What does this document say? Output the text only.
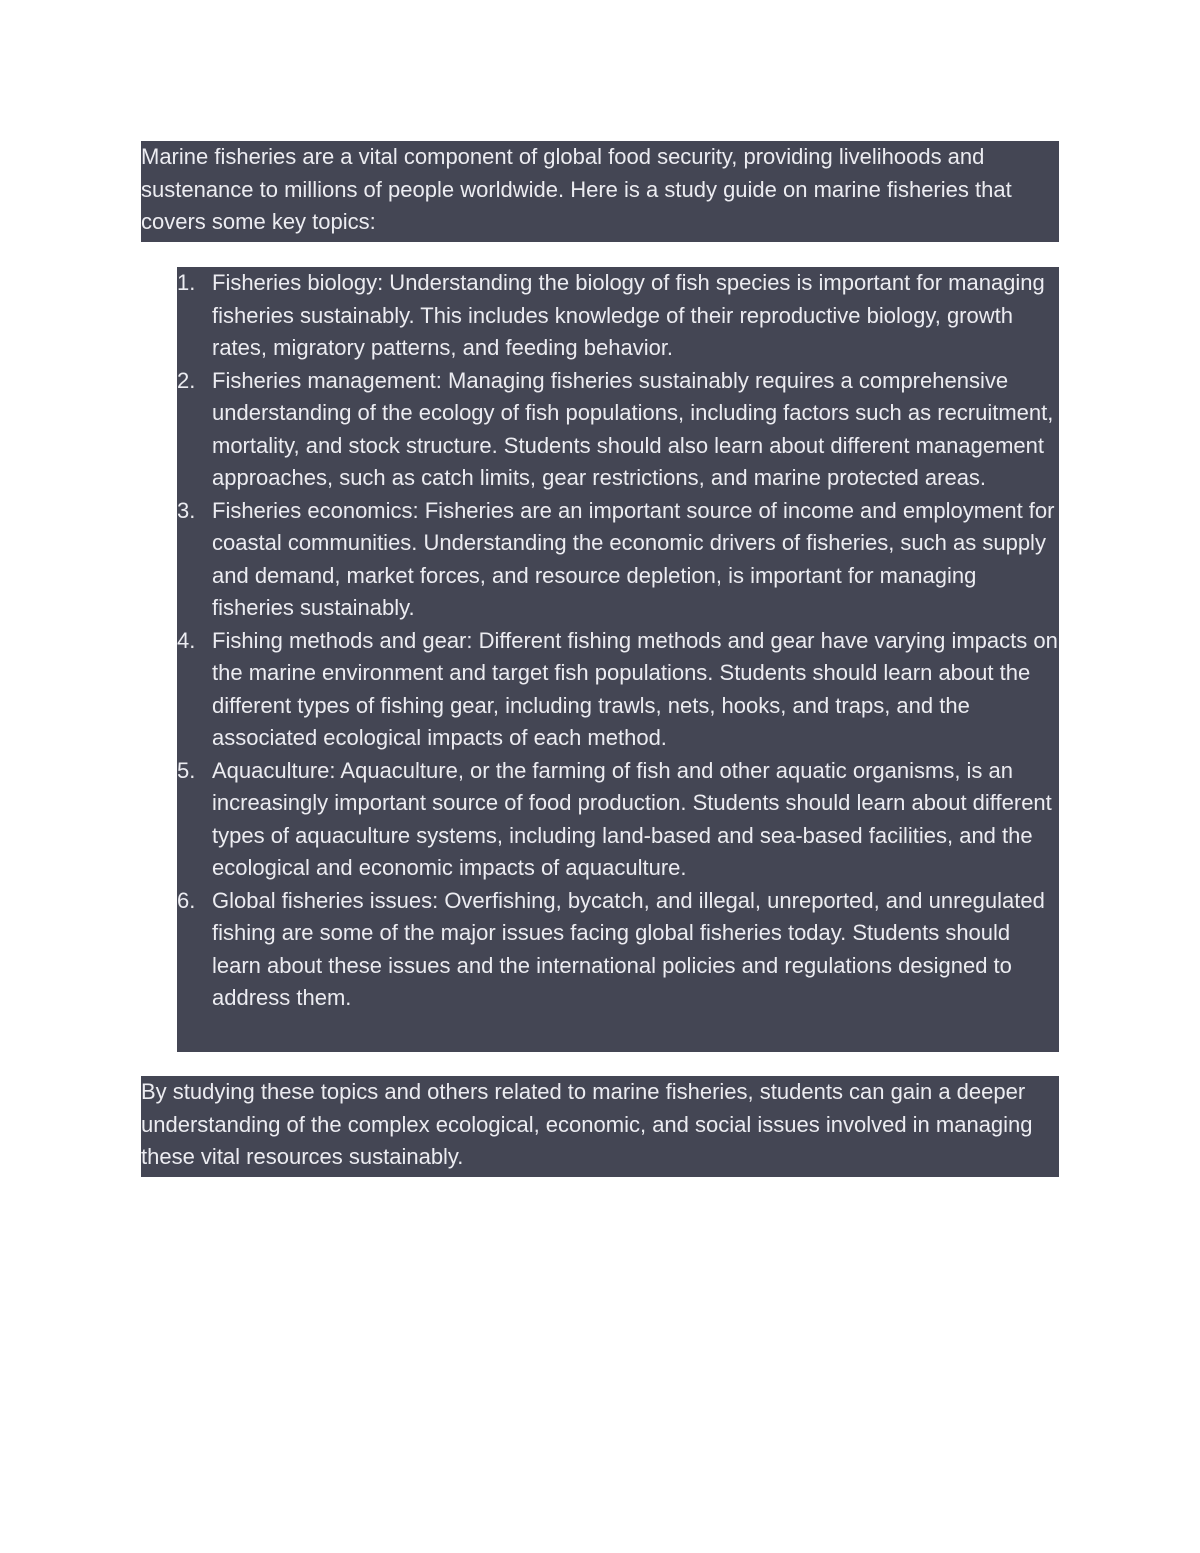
Marine fisheries are a vital component of global food security, providing livelihoods and sustenance to millions of people worldwide. Here is a study guide on marine fisheries that covers some key topics:

1. Fisheries biology: Understanding the biology of fish species is important for managing fisheries sustainably. This includes knowledge of their reproductive biology, growth rates, migratory patterns, and feeding behavior.
2. Fisheries management: Managing fisheries sustainably requires a comprehensive understanding of the ecology of fish populations, including factors such as recruitment, mortality, and stock structure. Students should also learn about different management approaches, such as catch limits, gear restrictions, and marine protected areas.
3. Fisheries economics: Fisheries are an important source of income and employment for coastal communities. Understanding the economic drivers of fisheries, such as supply and demand, market forces, and resource depletion, is important for managing fisheries sustainably.
4. Fishing methods and gear: Different fishing methods and gear have varying impacts on the marine environment and target fish populations. Students should learn about the different types of fishing gear, including trawls, nets, hooks, and traps, and the associated ecological impacts of each method.
5. Aquaculture: Aquaculture, or the farming of fish and other aquatic organisms, is an increasingly important source of food production. Students should learn about different types of aquaculture systems, including land-based and sea-based facilities, and the ecological and economic impacts of aquaculture.
6. Global fisheries issues: Overfishing, bycatch, and illegal, unreported, and unregulated fishing are some of the major issues facing global fisheries today. Students should learn about these issues and the international policies and regulations designed to address them.

By studying these topics and others related to marine fisheries, students can gain a deeper understanding of the complex ecological, economic, and social issues involved in managing these vital resources sustainably.
